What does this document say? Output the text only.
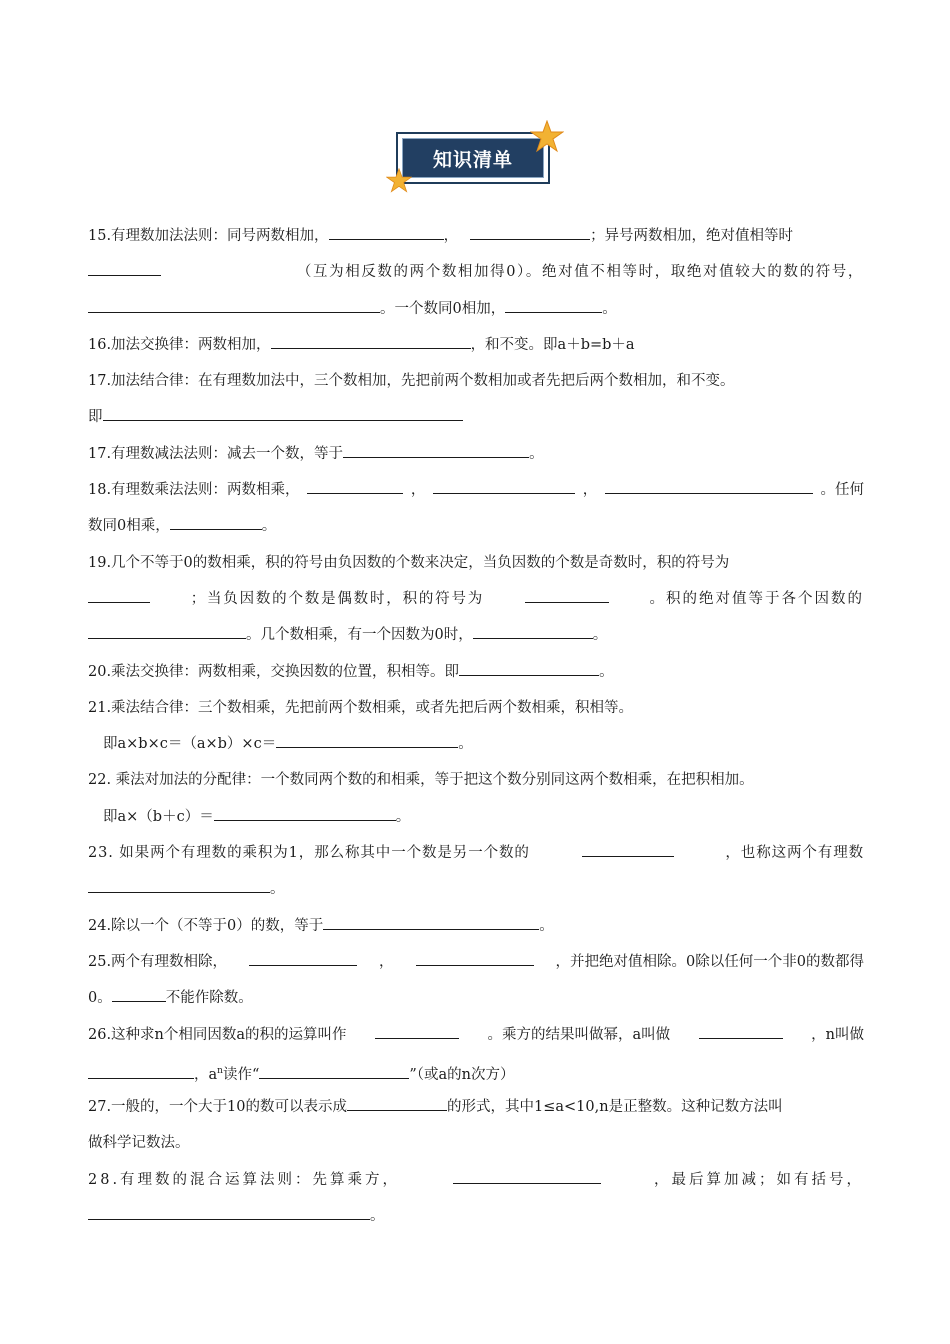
知识清单
15.有理数加法法则：同号两数相加，	，	；异号两数相加，绝对值相等时
（互为相反数的两个数相加得0）。绝对值不相等时，取绝对值较大的数的符号，
。一个数同0相加，	。
16.加法交换律：两数相加，	，和不变。即a＋b=b＋a
17.加法结合律：在有理数加法中，三个数相加，先把前两个数相加或者先把后两个数相加，和不变。
即
17.有理数减法法则：减去一个数，等于	。
18.有理数乘法法则：两数相乘，	，	，	。任何
数同0相乘，	。
19.几个不等于0的数相乘，积的符号由负因数的个数来决定，当负因数的个数是奇数时，积的符号为
；当负因数的个数是偶数时，积的符号为	。积的绝对值等于各个因数的
。几个数相乘，有一个因数为0时，	。
20.乘法交换律：两数相乘，交换因数的位置，积相等。即	。
21.乘法结合律：三个数相乘，先把前两个数相乘，或者先把后两个数相乘，积相等。
即a×b×c＝（a×b）×c＝	。
22. 乘法对加法的分配律：一个数同两个数的和相乘，等于把这个数分别同这两个数相乘，在把积相加。
即a×（b＋c）＝	。
23. 如果两个有理数的乘积为1，那么称其中一个数是另一个数的	，也称这两个有理数
。
24.除以一个（不等于0）的数，等于	。
25.两个有理数相除，	，	，并把绝对值相除。0除以任何一个非0的数都得
0。	不能作除数。
26.这种求n个相同因数a的积的运算叫作	。乘方的结果叫做幂，a叫做	，n叫做
，$a^n$读作“	”（或a的n次方）
27.一般的，一个大于10的数可以表示成	的形式，其中1≤a<10,n是正整数。这种记数方法叫
做科学记数法。
28.有理数的混合运算法则：先算乘方，	，最后算加减；如有括号，
。
